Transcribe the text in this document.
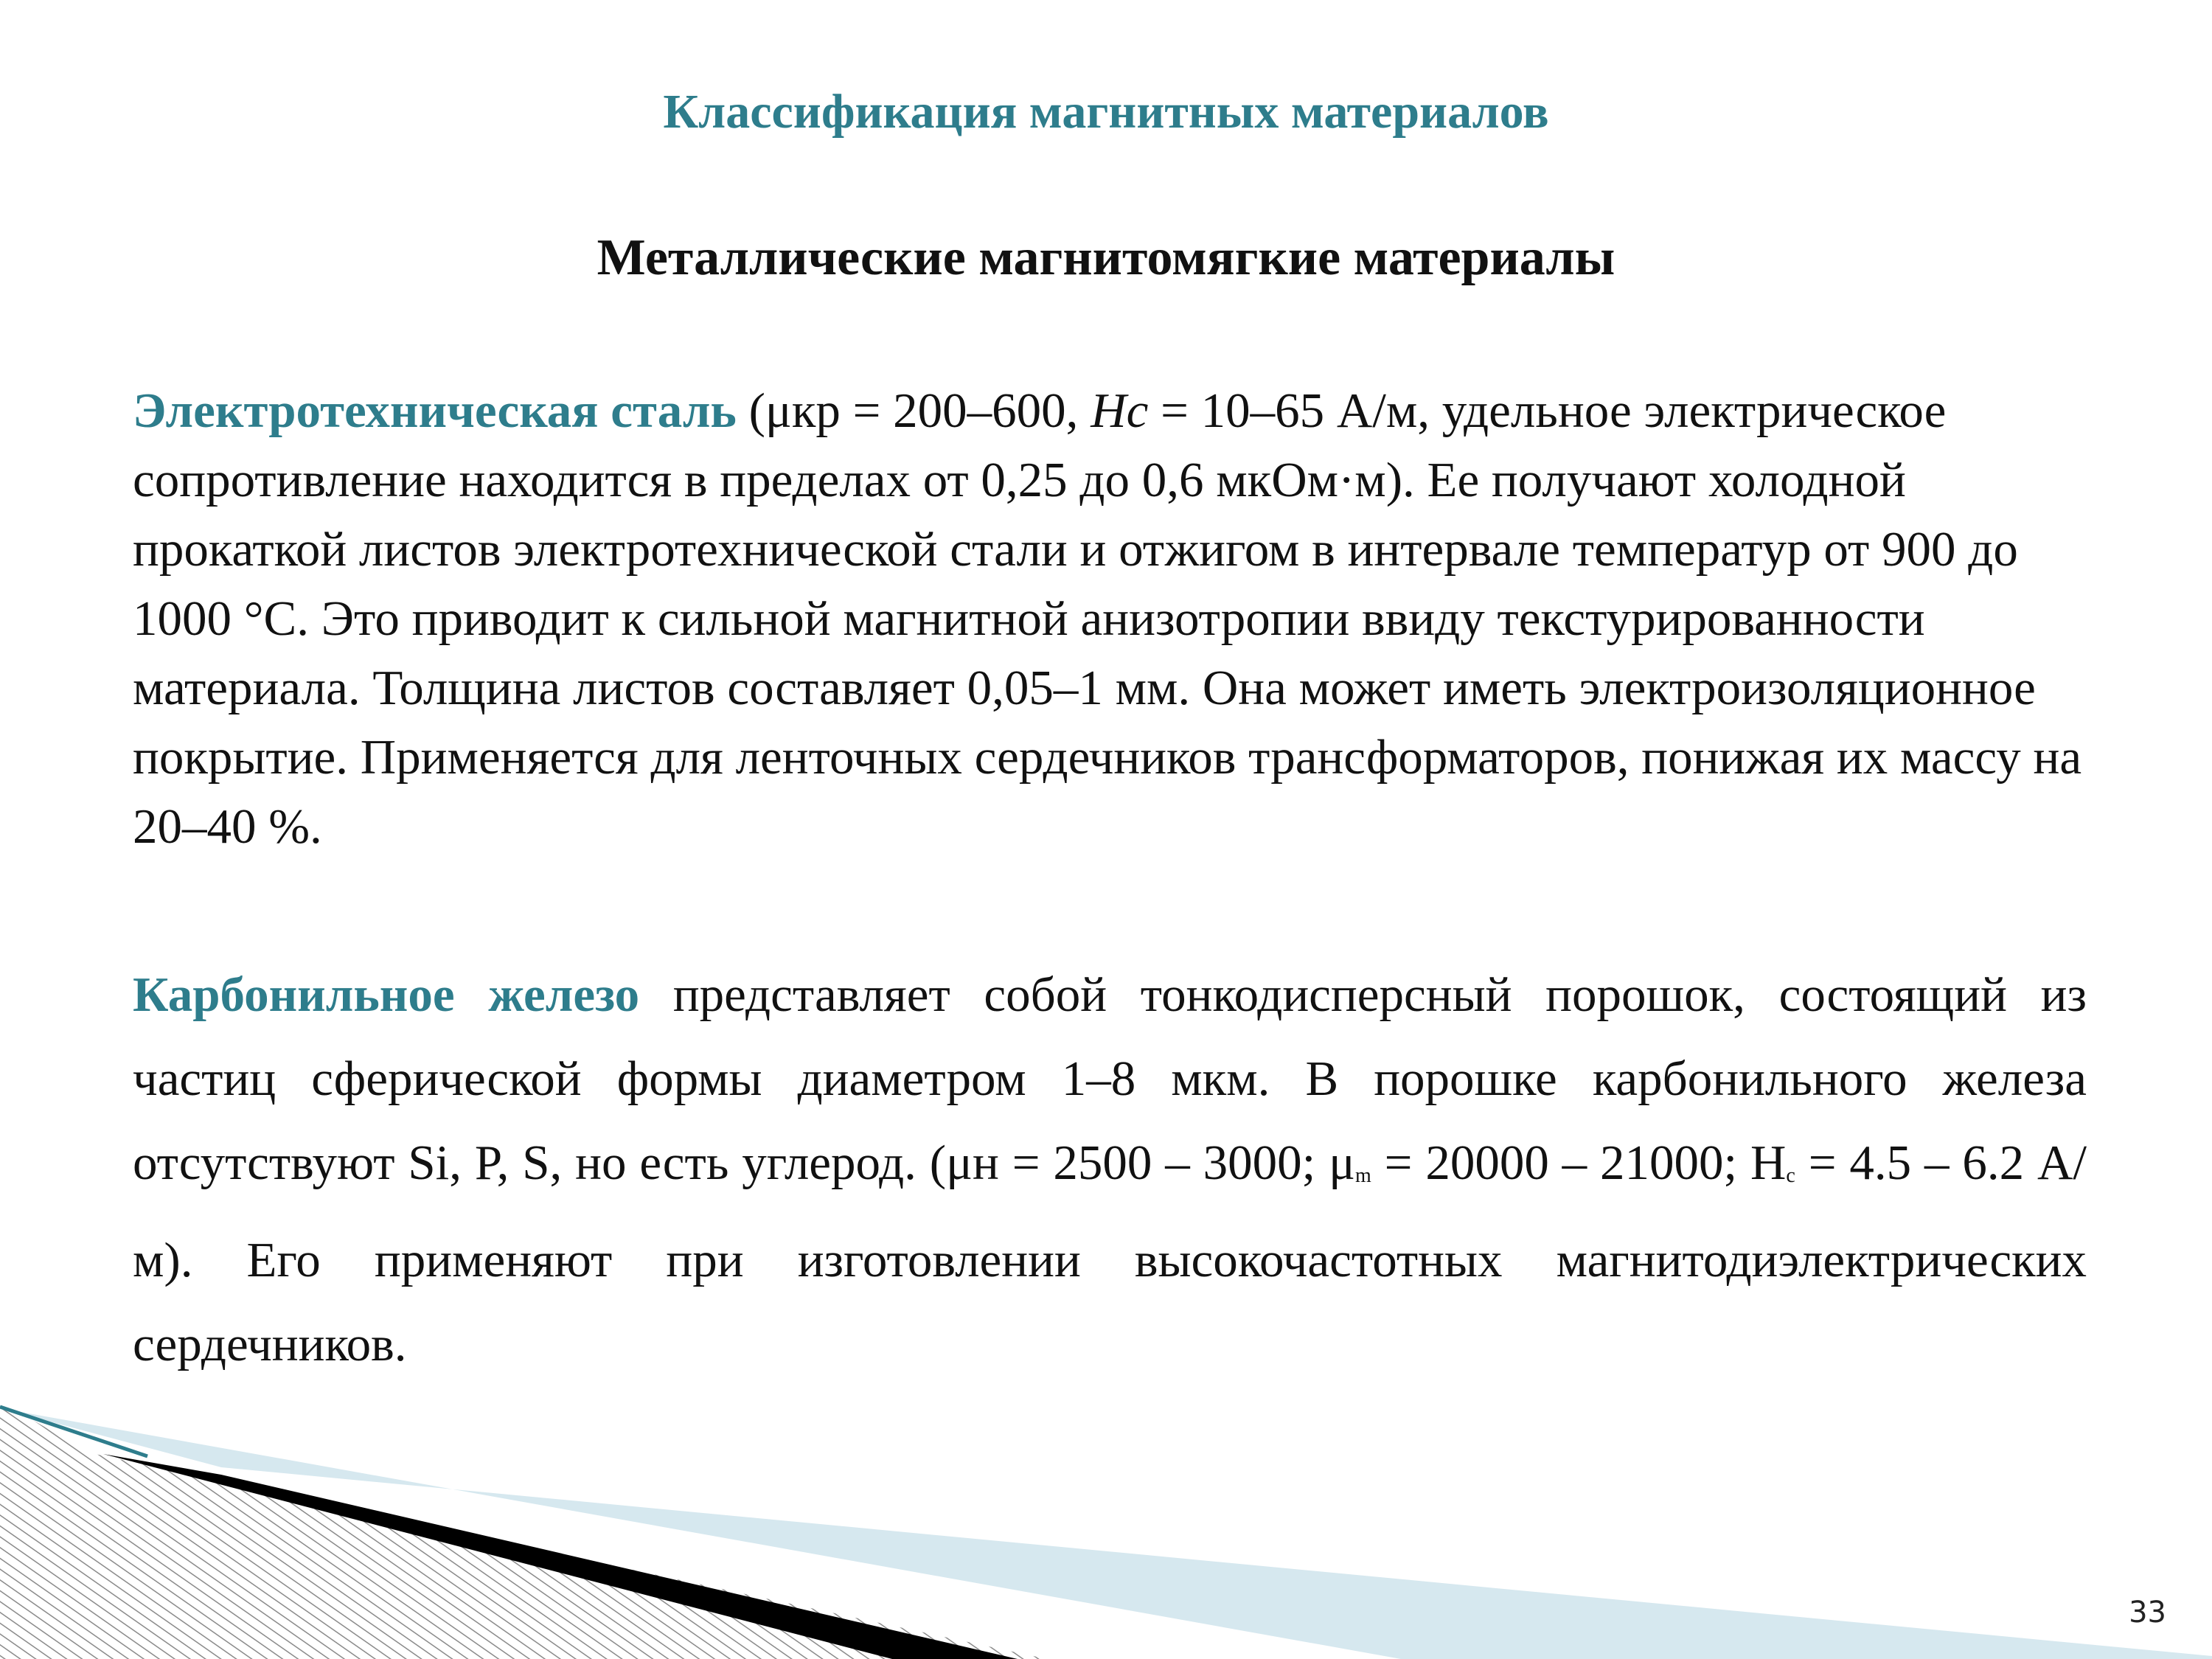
Классификация магнитных материалов
Металлические магнитомягкие материалы
Электротехническая сталь (μкр = 200–600, Hc = 10–65 А/м, удельное электрическое сопротивление находится в пределах от 0,25 до 0,6 мкОм·м). Ее получают холодной прокаткой листов электротехнической стали и отжигом в интервале температур от 900 до 1000 °С. Это приводит к сильной магнитной анизотропии ввиду текстурированности материала. Толщина листов составляет 0,05–1 мм. Она может иметь электроизоляционное покрытие. Применяется для ленточных сердечников трансформаторов, понижая их массу на 20–40 %.
Карбонильное железо представляет собой тонкодисперсный порошок, состоящий из частиц сферической формы диаметром 1–8 мкм. В порошке карбонильного железа отсутствуют Si, P, S, но есть углерод. (μн = 2500 – 3000; μm = 20000 – 21000; Hc = 4.5 – 6.2 А/м). Его применяют при изготовлении высокочастотных магнитодиэлектрических сердечников.
33
